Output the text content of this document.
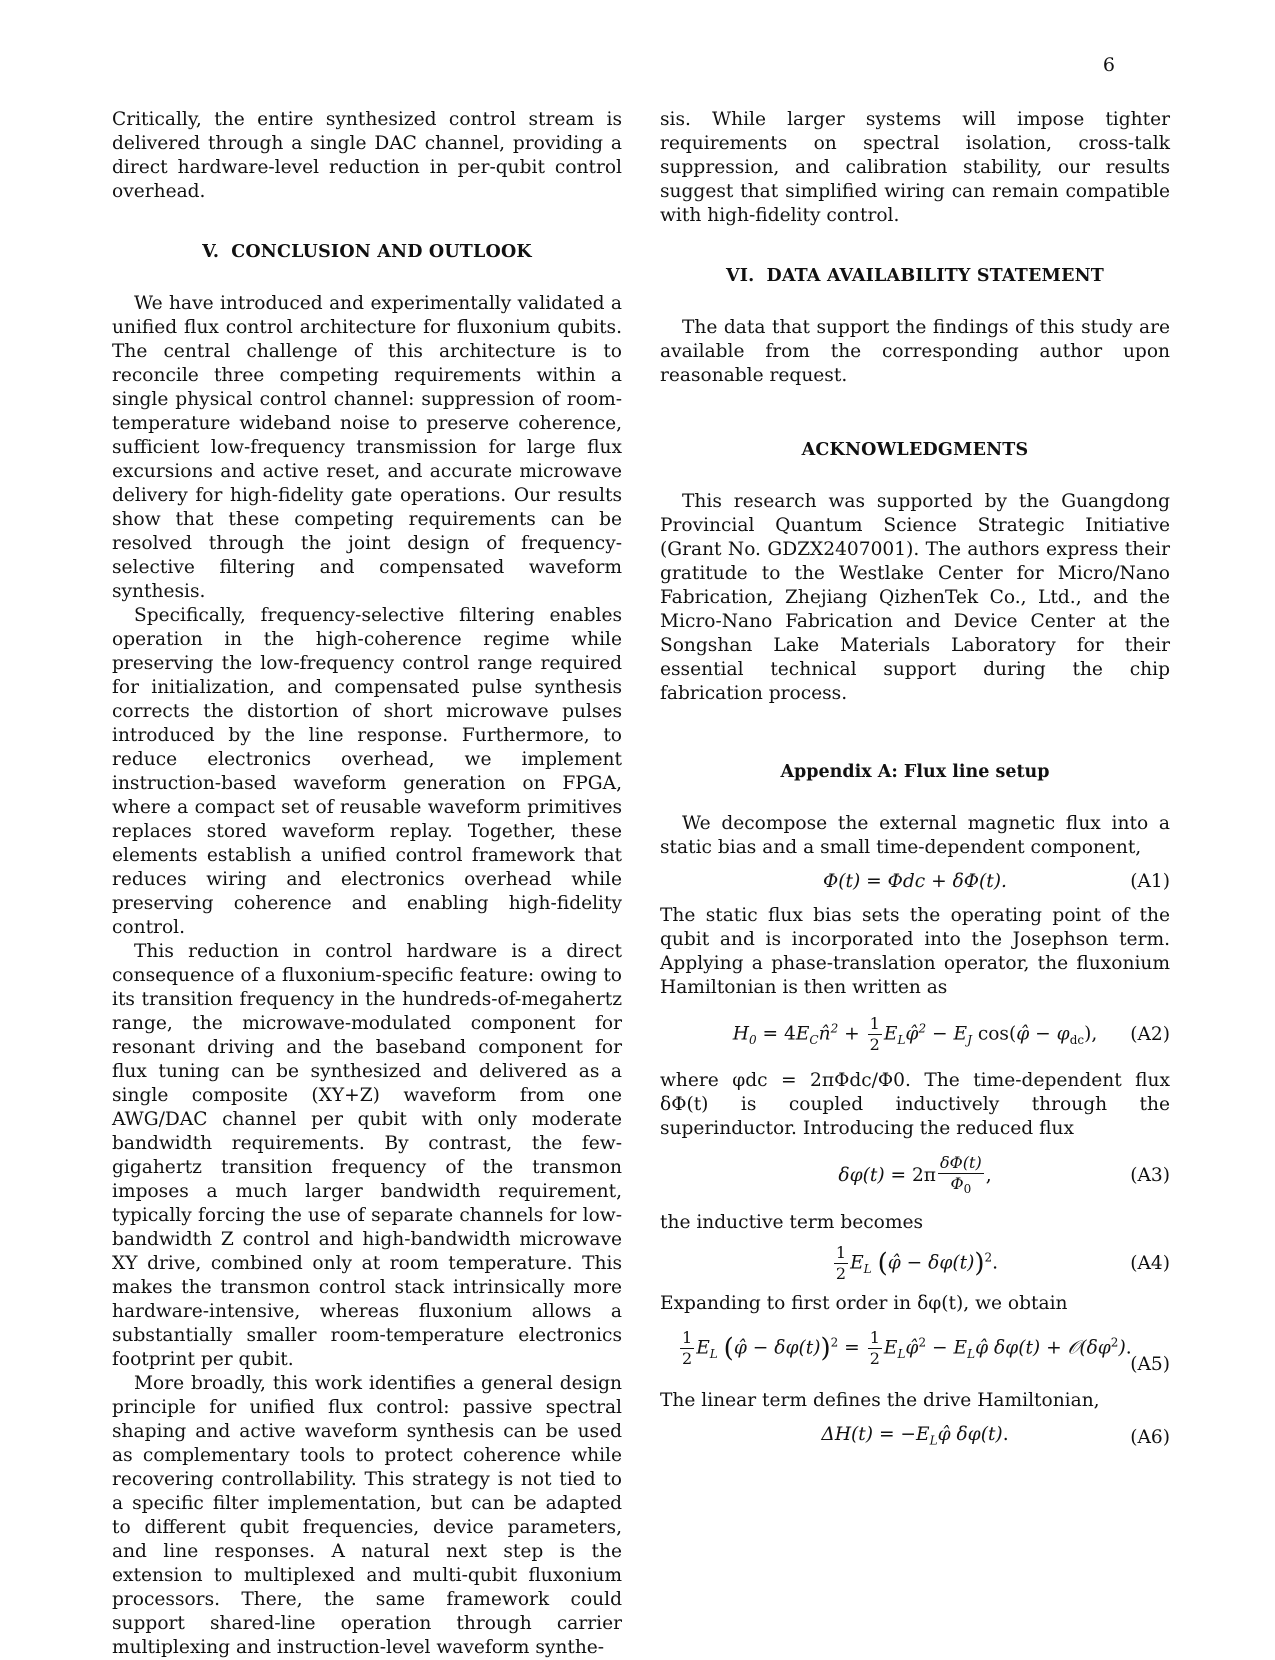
6

Critically, the entire synthesized control stream is delivered through a single DAC channel, providing a direct hardware-level reduction in per-qubit control overhead.

V. CONCLUSION AND OUTLOOK

We have introduced and experimentally validated a unified flux control architecture for fluxonium qubits. The central challenge of this architecture is to reconcile three competing requirements within a single physical control channel: suppression of room-temperature wideband noise to preserve coherence, sufficient low-frequency transmission for large flux excursions and active reset, and accurate microwave delivery for high-fidelity gate operations. Our results show that these competing requirements can be resolved through the joint design of frequency-selective filtering and compensated waveform synthesis.

Specifically, frequency-selective filtering enables operation in the high-coherence regime while preserving the low-frequency control range required for initialization, and compensated pulse synthesis corrects the distortion of short microwave pulses introduced by the line response. Furthermore, to reduce electronics overhead, we implement instruction-based waveform generation on FPGA, where a compact set of reusable waveform primitives replaces stored waveform replay. Together, these elements establish a unified control framework that reduces wiring and electronics overhead while preserving coherence and enabling high-fidelity control.

This reduction in control hardware is a direct consequence of a fluxonium-specific feature: owing to its transition frequency in the hundreds-of-megahertz range, the microwave-modulated component for resonant driving and the baseband component for flux tuning can be synthesized and delivered as a single composite (XY+Z) waveform from one AWG/DAC channel per qubit with only moderate bandwidth requirements. By contrast, the few-gigahertz transition frequency of the transmon imposes a much larger bandwidth requirement, typically forcing the use of separate channels for low-bandwidth Z control and high-bandwidth microwave XY drive, combined only at room temperature. This makes the transmon control stack intrinsically more hardware-intensive, whereas fluxonium allows a substantially smaller room-temperature electronics footprint per qubit.

More broadly, this work identifies a general design principle for unified flux control: passive spectral shaping and active waveform synthesis can be used as complementary tools to protect coherence while recovering controllability. This strategy is not tied to a specific filter implementation, but can be adapted to different qubit frequencies, device parameters, and line responses. A natural next step is the extension to multiplexed and multi-qubit fluxonium processors. There, the same framework could support shared-line operation through carrier multiplexing and instruction-level waveform synthe-

sis. While larger systems will impose tighter requirements on spectral isolation, cross-talk suppression, and calibration stability, our results suggest that simplified wiring can remain compatible with high-fidelity control.

VI. DATA AVAILABILITY STATEMENT

The data that support the findings of this study are available from the corresponding author upon reasonable request.

ACKNOWLEDGMENTS

This research was supported by the Guangdong Provincial Quantum Science Strategic Initiative (Grant No. GDZX2407001). The authors express their gratitude to the Westlake Center for Micro/Nano Fabrication, Zhejiang QizhenTek Co., Ltd., and the Micro-Nano Fabrication and Device Center at the Songshan Lake Materials Laboratory for their essential technical support during the chip fabrication process.

Appendix A: Flux line setup

We decompose the external magnetic flux into a static bias and a small time-dependent component,

Φ(t) = Φdc + δΦ(t).	(A1)

The static flux bias sets the operating point of the qubit and is incorporated into the Josephson term. Applying a phase-translation operator, the fluxonium Hamiltonian is then written as

$H_0$ = $4E_Cn̂^2 + \frac{1}{2}$ $E_L\varphî^2 - E_J$ cos(φ̂ − $\varphi_{dc}$), (A2)

where φdc = 2πΦdc/Φ0. The time-dependent flux δΦ(t) is coupled inductively through the superinductor. Introducing the reduced flux

$\delta\varphi(t) = 2\pi \frac{\delta\Phi(t)}{\Phi_0}$ ,	(A3)

the inductive term becomes

$\frac{1}{2} E_L$ (φ̂ − δφ(t))$^2$.	(A4)

Expanding to first order in δφ(t), we obtain

$\frac{1}{2} E_L$ (φ̂ − $\delta\varphi(t))^2 = \frac{1}{2}$ $E_L\varphî^2$ − $E_L\varphî$ $\delta\varphi(t) + 𝒪(\delta\varphi^2)$.
(A5)

The linear term defines the drive Hamiltonian,

$\Delta H(t) = -E_L\varphî$ δφ(t).	(A6)
